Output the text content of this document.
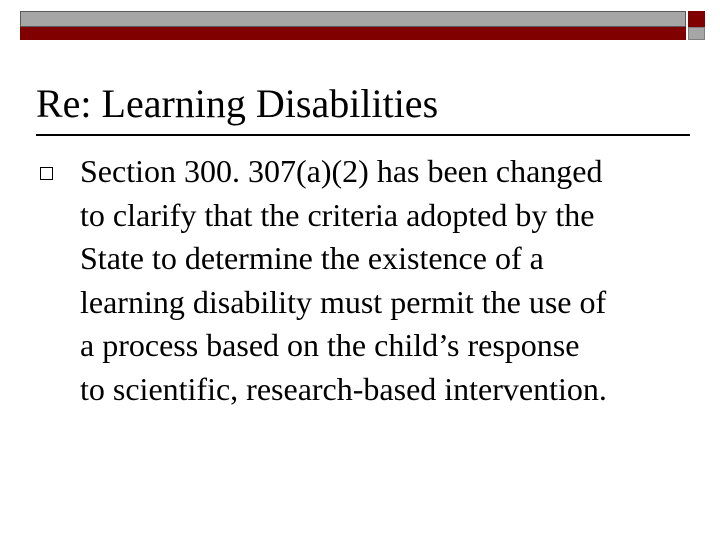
Re: Learning Disabilities
Section 300. 307(a)(2) has been changed
to clarify that the criteria adopted by the
State to determine the existence of a
learning disability must permit the use of
a process based on the child’s response
to scientific, research-based intervention.
